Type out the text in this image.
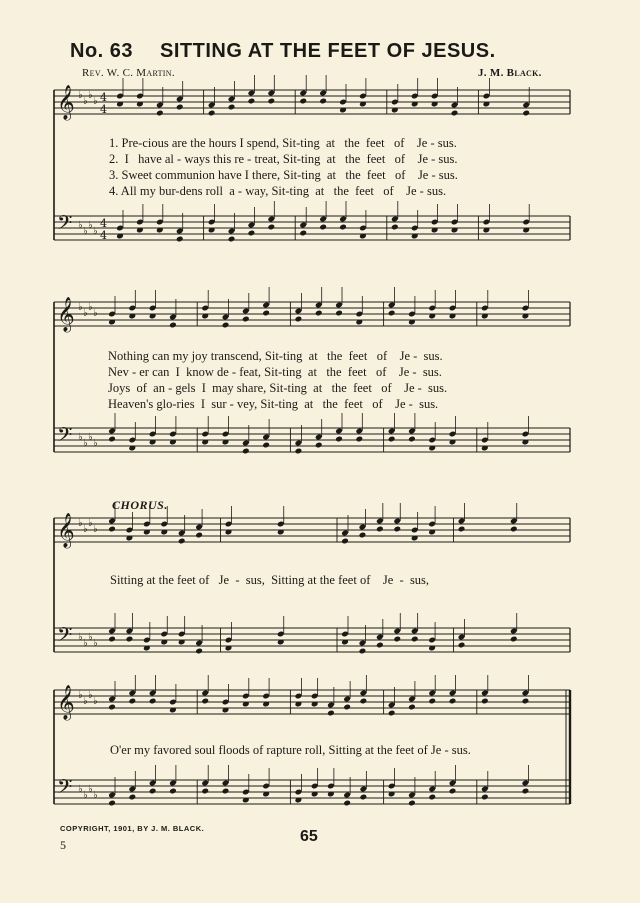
No. 63 SITTING AT THE FEET OF JESUS.
Rev. W. C. Martin.	J. M. Black.
𝄞
𝄢
♭
♭
♭
♭
♭
♭
♭
♭
4
4
4
4
𝄞
𝄢
♭
♭
♭
♭
♭
♭
♭
♭
𝄞
𝄢
♭
♭
♭
♭
♭
♭
♭
♭
𝄞
𝄢
♭
♭
♭
♭
♭
♭
♭
♭
1. Pre-cious are the hours I spend, Sit-ting  at   the  feet   of    Je - sus.
2.  I   have al - ways this re - treat, Sit-ting  at   the  feet   of    Je - sus.
3. Sweet communion have I there, Sit-ting  at   the  feet   of    Je - sus.
4. All my bur-dens roll  a - way, Sit-ting  at   the  feet   of    Je - sus.
Nothing can my joy transcend, Sit-ting  at   the  feet   of    Je -  sus.
Nev - er can  I  know de - feat, Sit-ting  at   the  feet   of    Je -  sus.
Joys  of  an - gels  I  may share, Sit-ting  at   the  feet   of    Je -  sus.
Heaven's glo-ries  I  sur - vey, Sit-ting  at   the  feet   of    Je -  sus.
CHORUS.
Sitting at the feet of   Je  -  sus,  Sitting at the feet of    Je  -  sus,
O'er my favored soul floods of rapture roll, Sitting at the feet of Je - sus.
COPYRIGHT, 1901, BY J. M. BLACK.
5	65
